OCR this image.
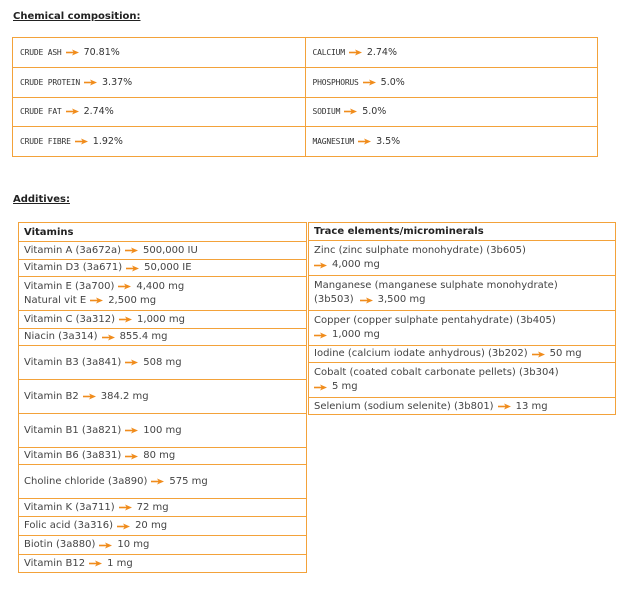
Chemical composition:
CRUDE ASH 70.81%
CRUDE PROTEIN 3.37%
CRUDE FAT 2.74%
CRUDE FIBRE 1.92%
CALCIUM 2.74%
PHOSPHORUS 5.0%
SODIUM 5.0%
MAGNESIUM 3.5%
Additives:
Vitamins
Vitamin A (3a672a) 500,000 IU
Vitamin D3 (3a671) 50,000 IE
Vitamin E (3a700) 4,400 mg
Natural vit E 2,500 mg
Vitamin C (3a312) 1,000 mg
Niacin (3a314) 855.4 mg
Vitamin B3 (3a841) 508 mg
Vitamin B2 384.2 mg
Vitamin B1 (3a821) 100 mg
Vitamin B6 (3a831) 80 mg
Choline chloride (3a890) 575 mg
Vitamin K (3a711) 72 mg
Folic acid (3a316) 20 mg
Biotin (3a880) 10 mg
Vitamin B12 1 mg
Trace elements/microminerals
Zinc (zinc sulphate monohydrate) (3b605)
4,000 mg
Manganese (manganese sulphate monohydrate)
(3b503) 3,500 mg
Copper (copper sulphate pentahydrate) (3b405)
1,000 mg
Iodine (calcium iodate anhydrous) (3b202) 50 mg
Cobalt (coated cobalt carbonate pellets) (3b304)
5 mg
Selenium (sodium selenite) (3b801) 13 mg
